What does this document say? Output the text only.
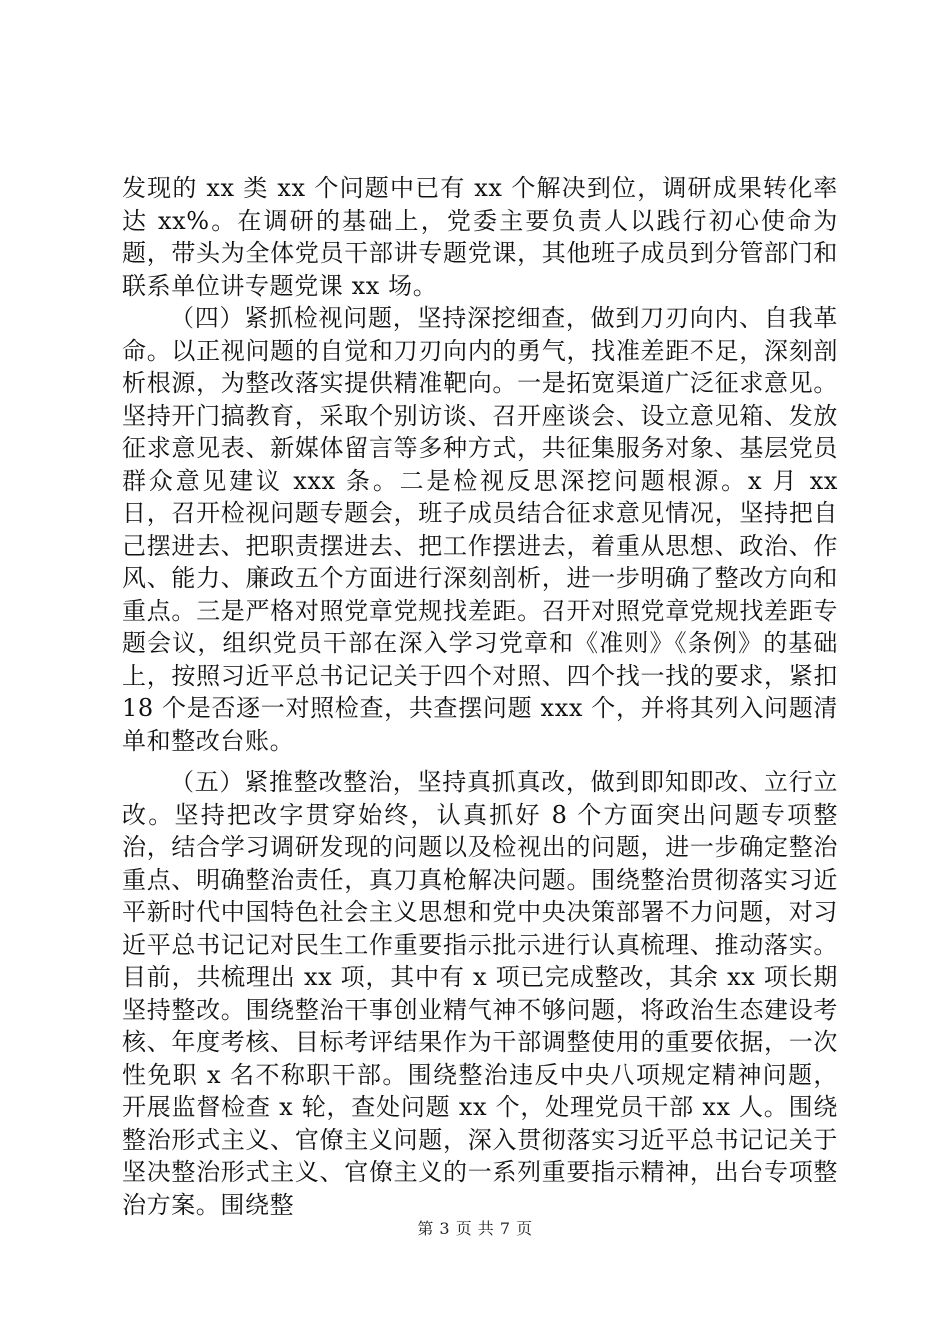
发现的 xx 类 xx 个问题中已有 xx 个解决到位，调研成果转化率达 xx%。在调研的基础上，党委主要负责人以践行初心使命为题，带头为全体党员干部讲专题党课，其他班子成员到分管部门和联系单位讲专题党课 xx 场。

（四）紧抓检视问题，坚持深挖细查，做到刀刃向内、自我革命。以正视问题的自觉和刀刃向内的勇气，找准差距不足，深刻剖析根源，为整改落实提供精准靶向。一是拓宽渠道广泛征求意见。坚持开门搞教育，采取个别访谈、召开座谈会、设立意见箱、发放征求意见表、新媒体留言等多种方式，共征集服务对象、基层党员群众意见建议 xxx 条。二是检视反思深挖问题根源。x 月 xx 日，召开检视问题专题会，班子成员结合征求意见情况，坚持把自己摆进去、把职责摆进去、把工作摆进去，着重从思想、政治、作风、能力、廉政五个方面进行深刻剖析，进一步明确了整改方向和重点。三是严格对照党章党规找差距。召开对照党章党规找差距专题会议，组织党员干部在深入学习党章和《准则》《条例》的基础上，按照习近平总书记记关于四个对照、四个找一找的要求，紧扣 18 个是否逐一对照检查，共查摆问题 xxx 个，并将其列入问题清单和整改台账。

（五）紧推整改整治，坚持真抓真改，做到即知即改、立行立改。坚持把改字贯穿始终，认真抓好 8 个方面突出问题专项整治，结合学习调研发现的问题以及检视出的问题，进一步确定整治重点、明确整治责任，真刀真枪解决问题。围绕整治贯彻落实习近平新时代中国特色社会主义思想和党中央决策部署不力问题，对习近平总书记记对民生工作重要指示批示进行认真梳理、推动落实。目前，共梳理出 xx 项，其中有 x 项已完成整改，其余 xx 项长期坚持整改。围绕整治干事创业精气神不够问题，将政治生态建设考核、年度考核、目标考评结果作为干部调整使用的重要依据，一次性免职 x 名不称职干部。围绕整治违反中央八项规定精神问题，开展监督检查 x 轮，查处问题 xx 个，处理党员干部 xx 人。围绕整治形式主义、官僚主义问题，深入贯彻落实习近平总书记记关于坚决整治形式主义、官僚主义的一系列重要指示精神，出台专项整治方案。围绕整

第 3 页 共 7 页
